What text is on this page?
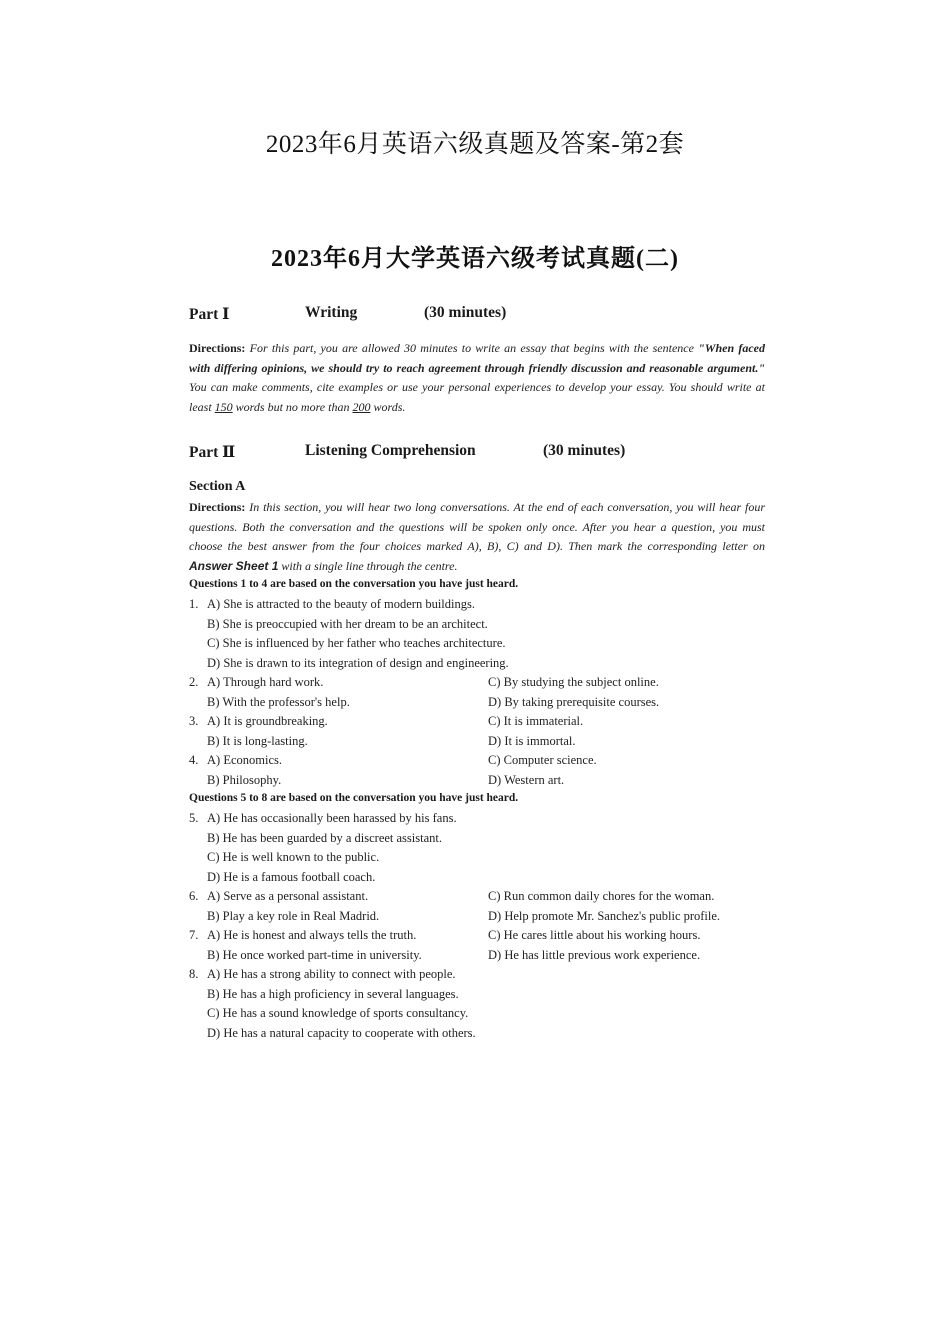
2023年6月英语六级真题及答案-第2套
2023年6月大学英语六级考试真题(二)
Part Ⅰ	Writing	(30 minutes)
Directions: For this part, you are allowed 30 minutes to write an essay that begins with the sentence "When faced with differing opinions, we should try to reach agreement through friendly discussion and reasonable argument." You can make comments, cite examples or use your personal experiences to develop your essay. You should write at least 150 words but no more than 200 words.
Part Ⅱ	Listening Comprehension	(30 minutes)
Section A
Directions: In this section, you will hear two long conversations. At the end of each conversation, you will hear four questions. Both the conversation and the questions will be spoken only once. After you hear a question, you must choose the best answer from the four choices marked A), B), C) and D). Then mark the corresponding letter on Answer Sheet 1 with a single line through the centre.
Questions 1 to 4 are based on the conversation you have just heard.
1. A) She is attracted to the beauty of modern buildings.
B) She is preoccupied with her dream to be an architect.
C) She is influenced by her father who teaches architecture.
D) She is drawn to its integration of design and engineering.
2. A) Through hard work.	C) By studying the subject online.
B) With the professor's help.	D) By taking prerequisite courses.
3. A) It is groundbreaking.	C) It is immaterial.
B) It is long-lasting.	D) It is immortal.
4. A) Economics.	C) Computer science.
B) Philosophy.	D) Western art.
Questions 5 to 8 are based on the conversation you have just heard.
5. A) He has occasionally been harassed by his fans.
B) He has been guarded by a discreet assistant.
C) He is well known to the public.
D) He is a famous football coach.
6. A) Serve as a personal assistant.	C) Run common daily chores for the woman.
B) Play a key role in Real Madrid.	D) Help promote Mr. Sanchez's public profile.
7. A) He is honest and always tells the truth.	C) He cares little about his working hours.
B) He once worked part-time in university.	D) He has little previous work experience.
8. A) He has a strong ability to connect with people.
B) He has a high proficiency in several languages.
C) He has a sound knowledge of sports consultancy.
D) He has a natural capacity to cooperate with others.
